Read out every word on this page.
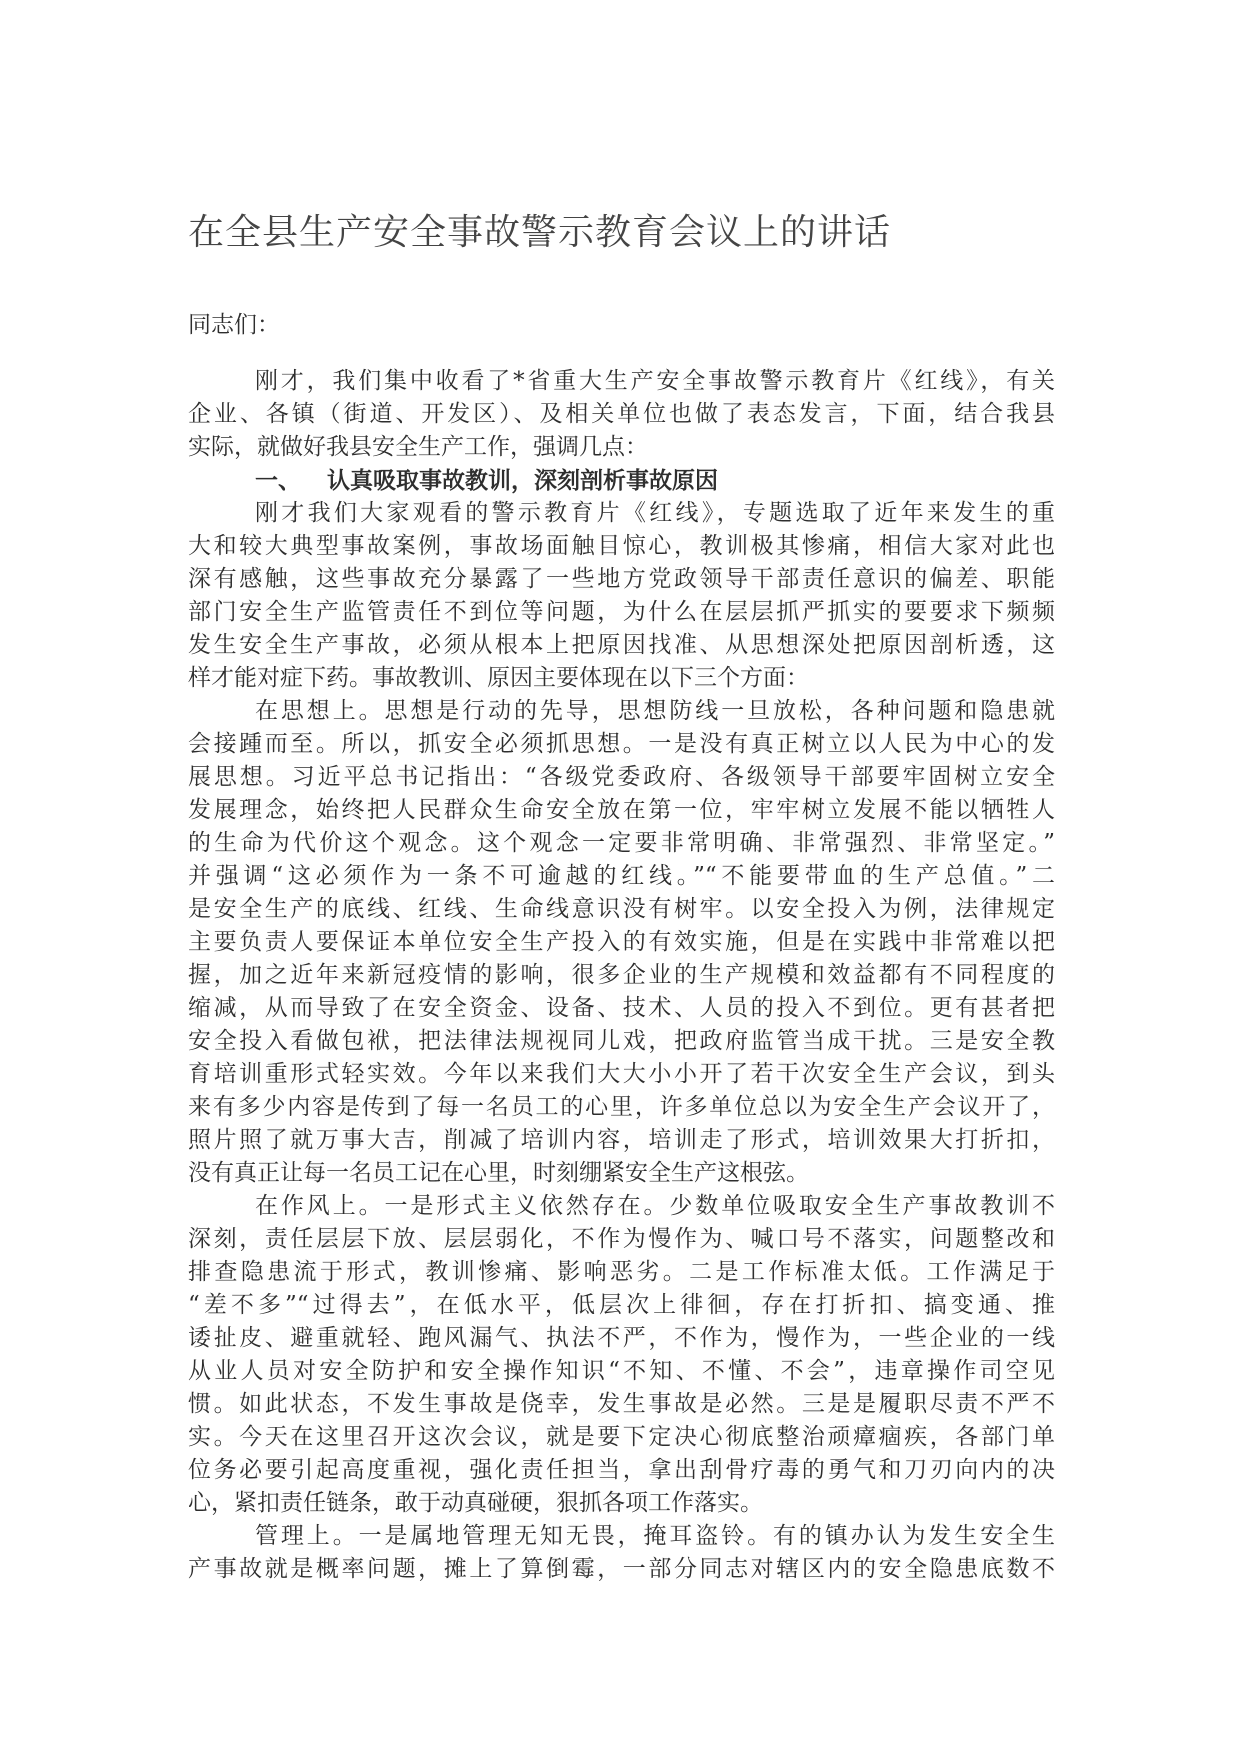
在全县生产安全事故警示教育会议上的讲话
同志们：
刚才，我们集中收看了*省重大生产安全事故警示教育片《红线》，有关
企业、各镇（街道、开发区）、及相关单位也做了表态发言，下面，结合我县
实际，就做好我县安全生产工作，强调几点：
一、 认真吸取事故教训，深刻剖析事故原因
刚才我们大家观看的警示教育片《红线》，专题选取了近年来发生的重
大和较大典型事故案例，事故场面触目惊心，教训极其惨痛，相信大家对此也
深有感触，这些事故充分暴露了一些地方党政领导干部责任意识的偏差、职能
部门安全生产监管责任不到位等问题，为什么在层层抓严抓实的要要求下频频
发生安全生产事故，必须从根本上把原因找准、从思想深处把原因剖析透，这
样才能对症下药。事故教训、原因主要体现在以下三个方面：
在思想上。思想是行动的先导，思想防线一旦放松，各种问题和隐患就
会接踵而至。所以，抓安全必须抓思想。一是没有真正树立以人民为中心的发
展思想。习近平总书记指出：“各级党委政府、各级领导干部要牢固树立安全
发展理念，始终把人民群众生命安全放在第一位，牢牢树立发展不能以牺牲人
的生命为代价这个观念。这个观念一定要非常明确、非常强烈、非常坚定。”
并强调“这必须作为一条不可逾越的红线。”“不能要带血的生产总值。”二
是安全生产的底线、红线、生命线意识没有树牢。以安全投入为例，法律规定
主要负责人要保证本单位安全生产投入的有效实施，但是在实践中非常难以把
握，加之近年来新冠疫情的影响，很多企业的生产规模和效益都有不同程度的
缩减，从而导致了在安全资金、设备、技术、人员的投入不到位。更有甚者把
安全投入看做包袱，把法律法规视同儿戏，把政府监管当成干扰。三是安全教
育培训重形式轻实效。今年以来我们大大小小开了若干次安全生产会议，到头
来有多少内容是传到了每一名员工的心里，许多单位总以为安全生产会议开了，
照片照了就万事大吉，削减了培训内容，培训走了形式，培训效果大打折扣，
没有真正让每一名员工记在心里，时刻绷紧安全生产这根弦。
在作风上。一是形式主义依然存在。少数单位吸取安全生产事故教训不
深刻，责任层层下放、层层弱化，不作为慢作为、喊口号不落实，问题整改和
排查隐患流于形式，教训惨痛、影响恶劣。二是工作标准太低。工作满足于
“差不多”“过得去”，在低水平，低层次上徘徊，存在打折扣、搞变通、推
诿扯皮、避重就轻、跑风漏气、执法不严，不作为，慢作为，一些企业的一线
从业人员对安全防护和安全操作知识“不知、不懂、不会”，违章操作司空见
惯。如此状态，不发生事故是侥幸，发生事故是必然。三是是履职尽责不严不
实。今天在这里召开这次会议，就是要下定决心彻底整治顽瘴痼疾，各部门单
位务必要引起高度重视，强化责任担当，拿出刮骨疗毒的勇气和刀刃向内的决
心，紧扣责任链条，敢于动真碰硬，狠抓各项工作落实。
管理上。一是属地管理无知无畏，掩耳盗铃。有的镇办认为发生安全生
产事故就是概率问题，摊上了算倒霉，一部分同志对辖区内的安全隐患底数不
